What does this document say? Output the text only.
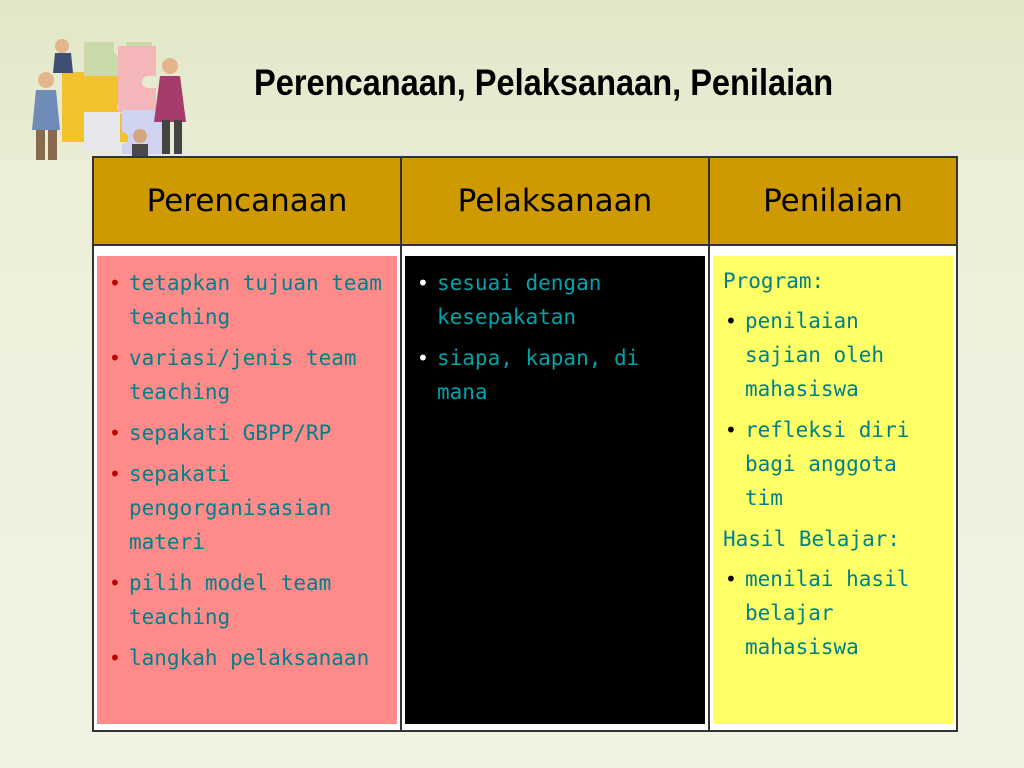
Perencanaan, Pelaksanaan, Penilaian
Perencanaan	Pelaksanaan	Penilaian
• tetapkan tujuan team teaching
• variasi/jenis team teaching
• sepakati GBPP/RP
• sepakati pengorganisasian materi
• pilih model team teaching
• langkah pelaksanaan
• sesuai dengan kesepakatan
• siapa, kapan, di mana
Program:
• penilaian sajian oleh mahasiswa
• refleksi diri bagi anggota tim
Hasil Belajar:
• menilai hasil belajar mahasiswa
